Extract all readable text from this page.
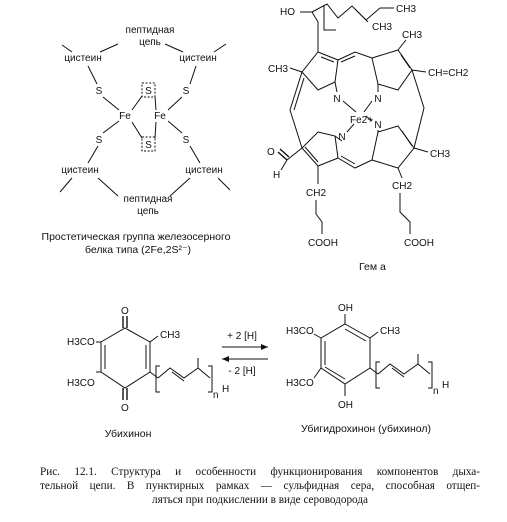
пептидная
цепь
пептидная
цепь
цистеин	цистеин
цистеин	цистеин
S	S
S	S
Fe Fe
S
S
Простетическая группа железосерного
белка типа (2Fe,2S²⁻)
HO	CH3
CH3
N	N
N
N
Fe2+
CH3
CH3
CH=CH2
CH3
O
H
CH2
COOH
CH2
COOH
Гем a
O
O
H3CO
H3CO
CH3
n
H
Убихинон
+ 2 [H]
- 2 [H]
OH
OH
H3CO
H3CO
CH3
n
H
Убигидрохинон (убихинол)
Рис. 12.1. Структура и особенности функционирования компонентов дыха-
тельной цепи. В пунктирных рамках — сульфидная сера, способная отщеп-
ляться при подкислении в виде сероводорода
